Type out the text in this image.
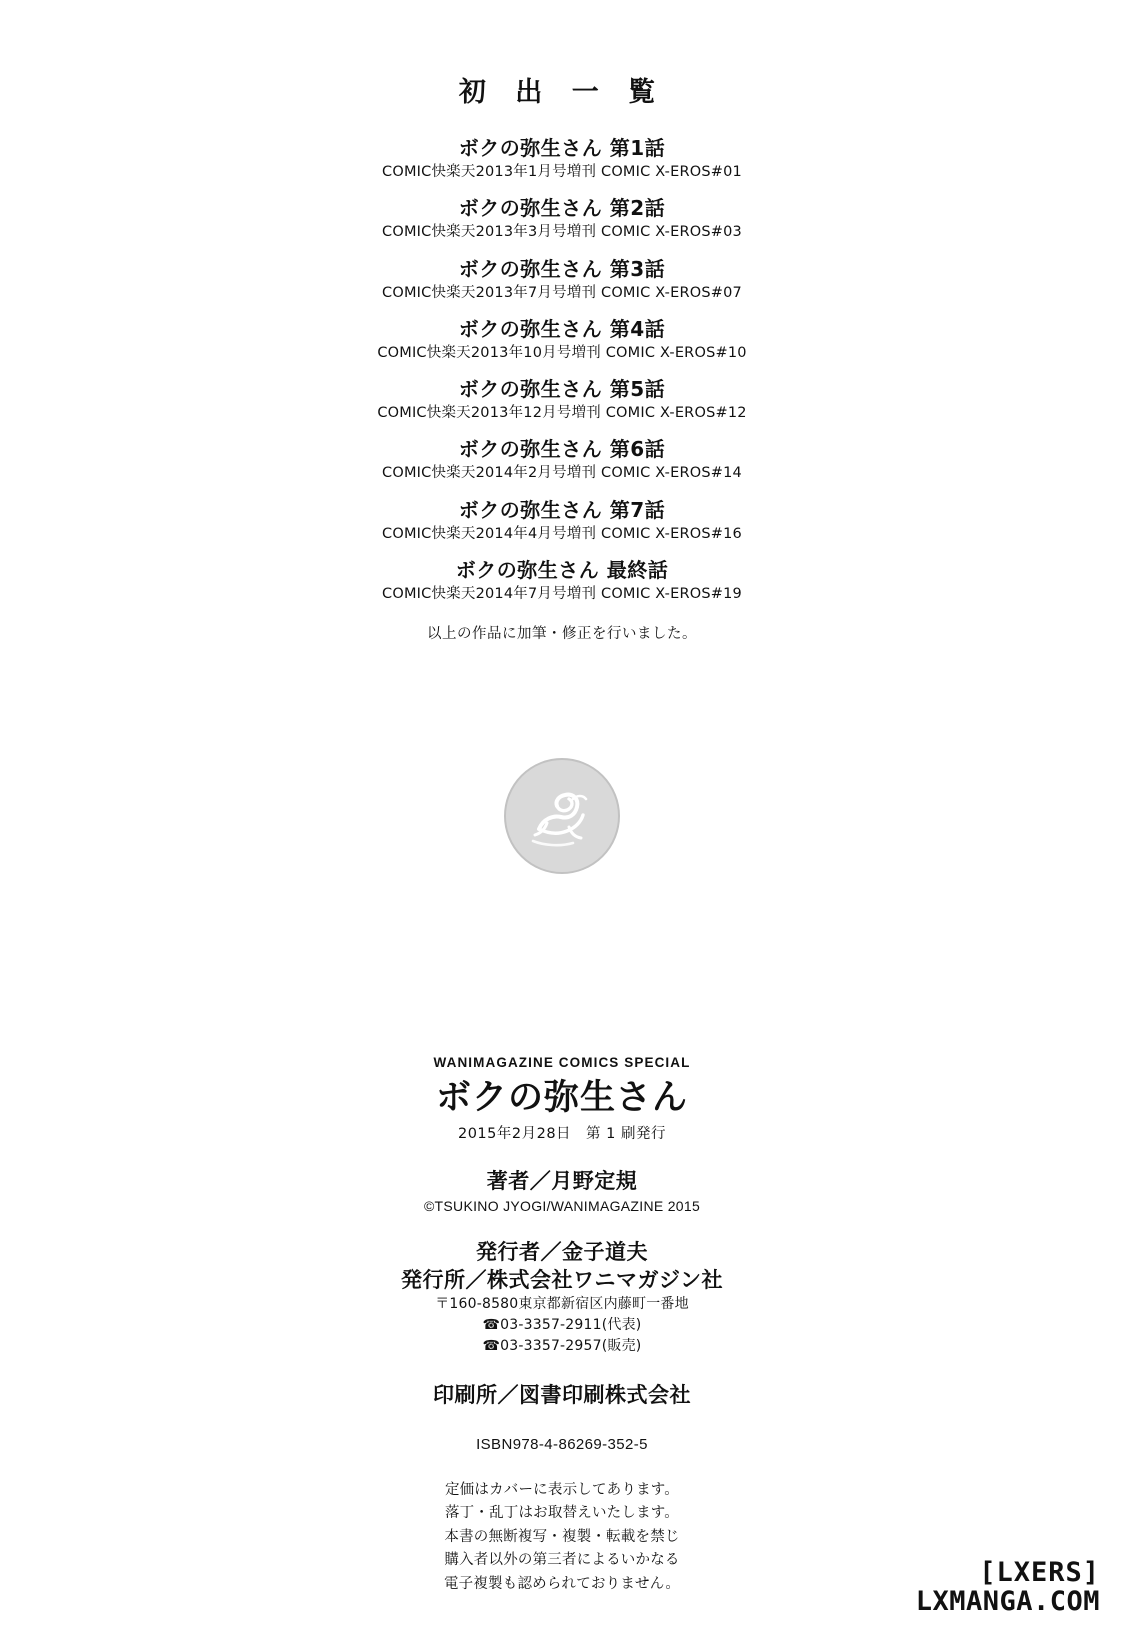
初 出 一 覧
ボクの弥生さん 第1話
COMIC快楽天2013年1月号増刊 COMIC X-EROS#01
ボクの弥生さん 第2話
COMIC快楽天2013年3月号増刊 COMIC X-EROS#03
ボクの弥生さん 第3話
COMIC快楽天2013年7月号増刊 COMIC X-EROS#07
ボクの弥生さん 第4話
COMIC快楽天2013年10月号増刊 COMIC X-EROS#10
ボクの弥生さん 第5話
COMIC快楽天2013年12月号増刊 COMIC X-EROS#12
ボクの弥生さん 第6話
COMIC快楽天2014年2月号増刊 COMIC X-EROS#14
ボクの弥生さん 第7話
COMIC快楽天2014年4月号増刊 COMIC X-EROS#16
ボクの弥生さん 最終話
COMIC快楽天2014年7月号増刊 COMIC X-EROS#19
以上の作品に加筆・修正を行いました。
WANIMAGAZINE COMICS SPECIAL
ボクの弥生さん
2015年2月28日　第 1 刷発行
著者／月野定規
©TSUKINO JYOGI/WANIMAGAZINE 2015
発行者／金子道夫
発行所／株式会社ワニマガジン社
〒160-8580東京都新宿区内藤町一番地
☎03-3357-2911(代表)
☎03-3357-2957(販売)
印刷所／図書印刷株式会社
ISBN978-4-86269-352-5
定価はカバーに表示してあります。
落丁・乱丁はお取替えいたします。
本書の無断複写・複製・転載を禁じ
購入者以外の第三者によるいかなる
電子複製も認められておりません。	[LXERS]
LXMANGA.COM
